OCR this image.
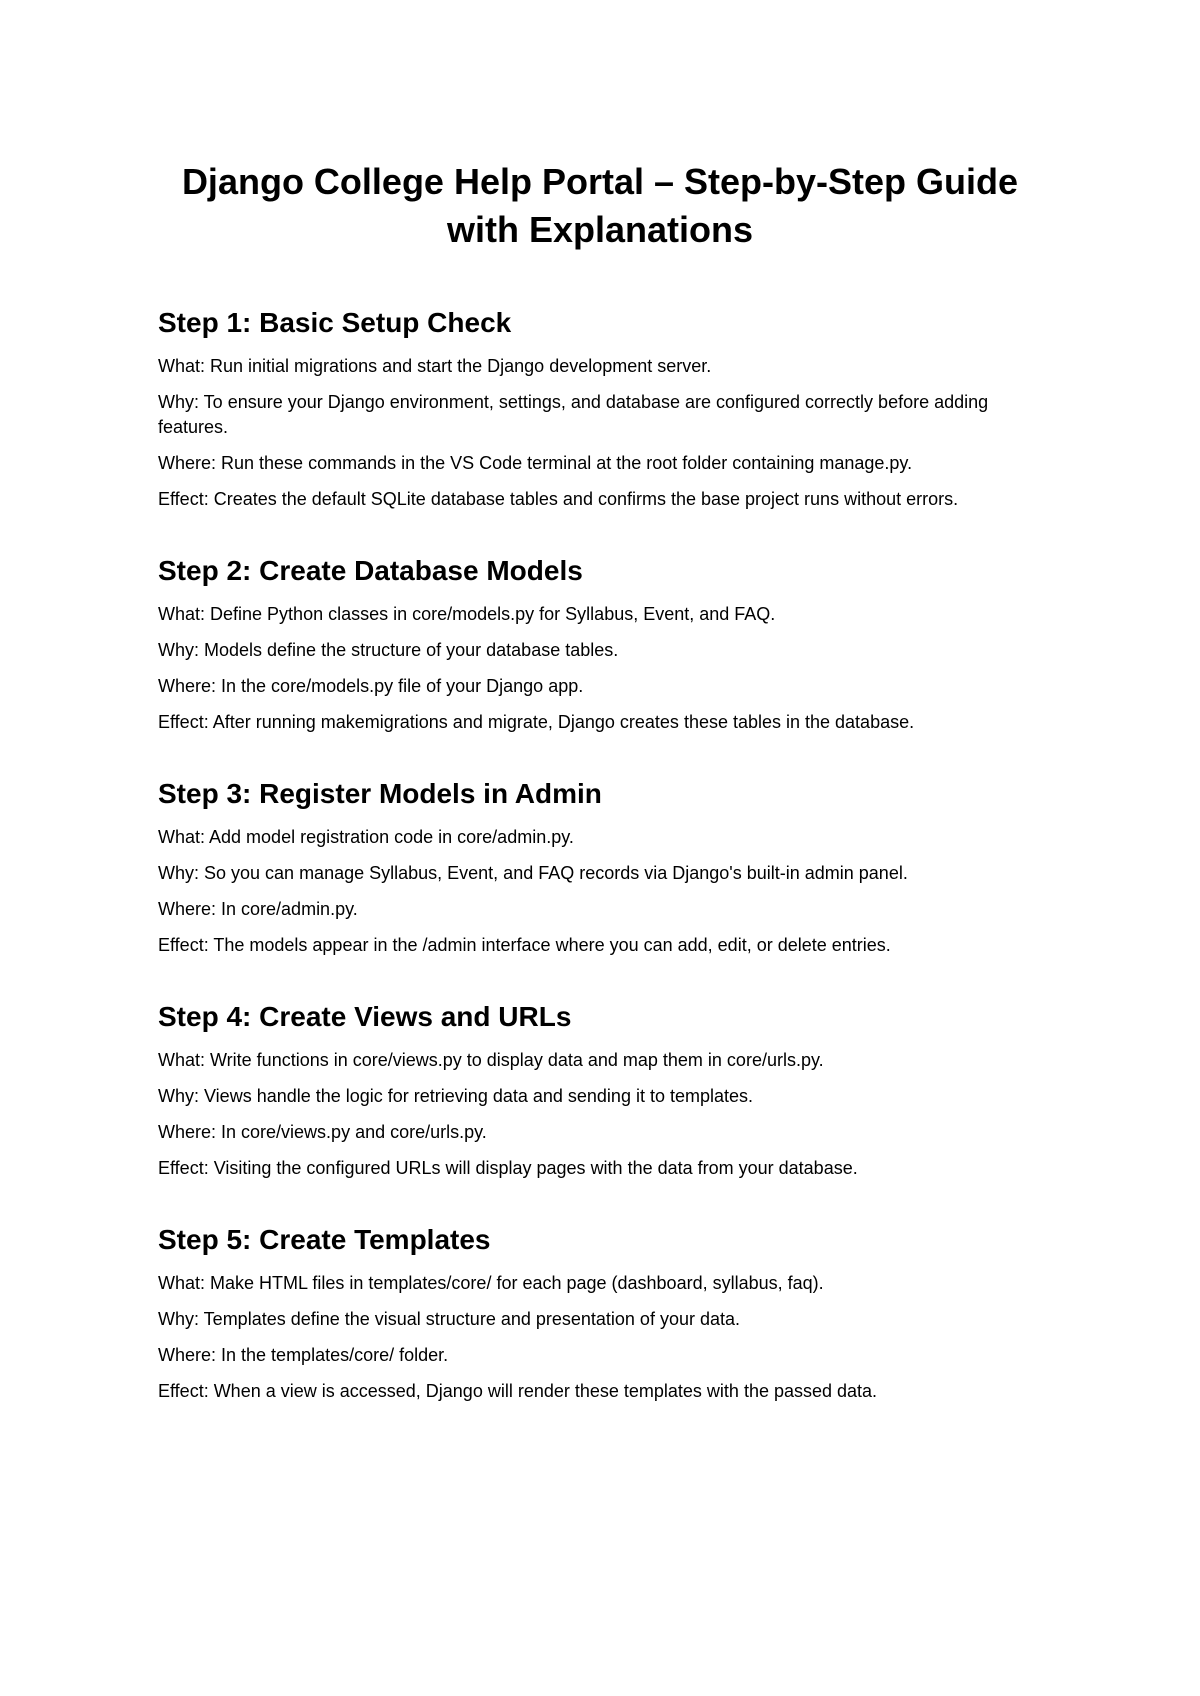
Django College Help Portal – Step-by-Step Guide
with Explanations
Step 1: Basic Setup Check

What: Run initial migrations and start the Django development server.

Why: To ensure your Django environment, settings, and database are configured correctly before adding features.

Where: Run these commands in the VS Code terminal at the root folder containing manage.py.

Effect: Creates the default SQLite database tables and confirms the base project runs without errors.

Step 2: Create Database Models

What: Define Python classes in core/models.py for Syllabus, Event, and FAQ.

Why: Models define the structure of your database tables.

Where: In the core/models.py file of your Django app.

Effect: After running makemigrations and migrate, Django creates these tables in the database.

Step 3: Register Models in Admin

What: Add model registration code in core/admin.py.

Why: So you can manage Syllabus, Event, and FAQ records via Django's built-in admin panel.

Where: In core/admin.py.

Effect: The models appear in the /admin interface where you can add, edit, or delete entries.

Step 4: Create Views and URLs

What: Write functions in core/views.py to display data and map them in core/urls.py.

Why: Views handle the logic for retrieving data and sending it to templates.

Where: In core/views.py and core/urls.py.

Effect: Visiting the configured URLs will display pages with the data from your database.

Step 5: Create Templates

What: Make HTML files in templates/core/ for each page (dashboard, syllabus, faq).

Why: Templates define the visual structure and presentation of your data.

Where: In the templates/core/ folder.

Effect: When a view is accessed, Django will render these templates with the passed data.
